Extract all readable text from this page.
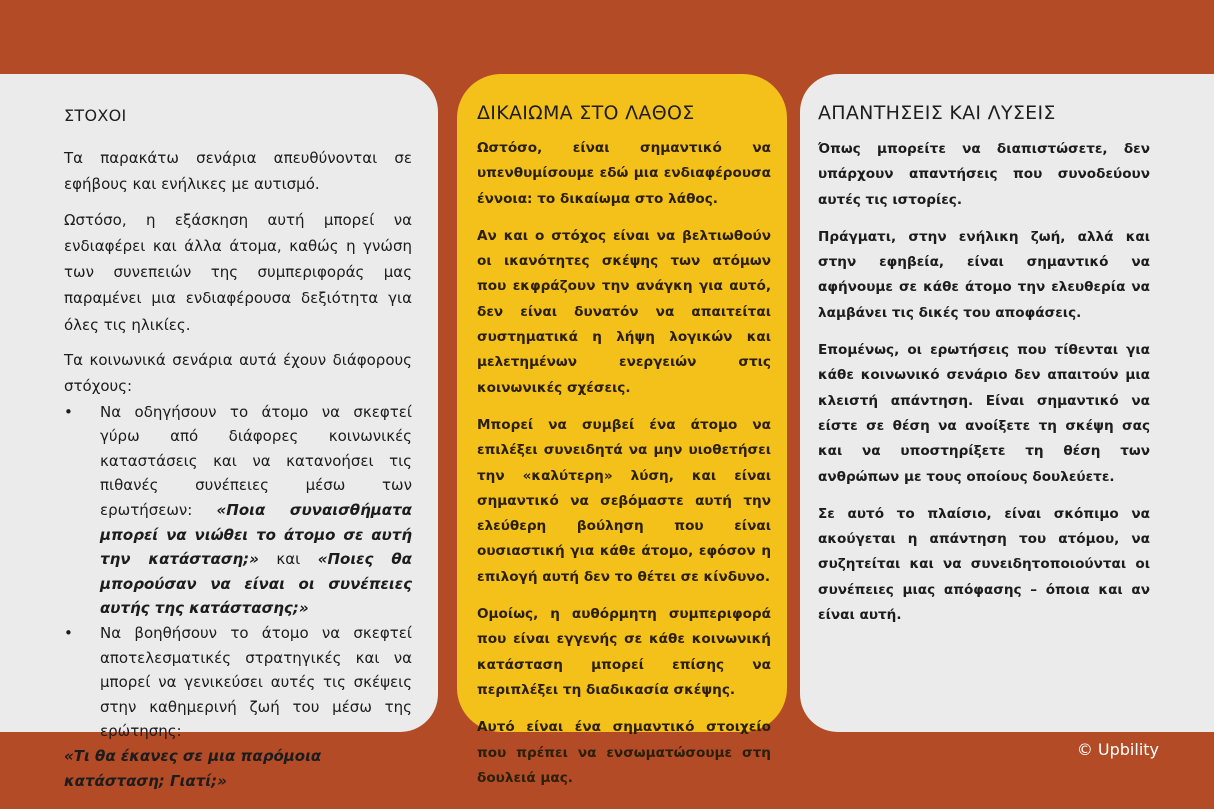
ΣΤΟΧΟΙ

Τα παρακάτω σενάρια απευθύνονται σε εφήβους και ενήλικες με αυτισμό.

Ωστόσο, η εξάσκηση αυτή μπορεί να ενδιαφέρει και άλλα άτομα, καθώς η γνώση των συνεπειών της συμπεριφοράς μας παραμένει μια ενδιαφέρουσα δεξιότητα για όλες τις ηλικίες.

Τα κοινωνικά σενάρια αυτά έχουν διάφορους στόχους:

• Να οδηγήσουν το άτομο να σκεφτεί γύρω από διάφορες κοινωνικές καταστάσεις και να κατανοήσει τις πιθανές συνέπειες μέσω των ερωτήσεων: «Ποια συναισθήματα μπορεί να νιώθει το άτομο σε αυτή την κατάσταση;» και «Ποιες θα μπορούσαν να είναι οι συνέπειες αυτής της κατάστασης;»
• Να βοηθήσουν το άτομο να σκεφτεί αποτελεσματικές στρατηγικές και να μπορεί να γενικεύσει αυτές τις σκέψεις στην καθημερινή ζωή του μέσω της ερώτησης:
«Τι θα έκανες σε μια παρόμοια κατάσταση; Γιατί;»
ΔΙΚΑΙΩΜΑ ΣΤΟ ΛΑΘΟΣ

Ωστόσο, είναι σημαντικό να υπενθυμίσουμε εδώ μια ενδιαφέρουσα έννοια: το δικαίωμα στο λάθος.

Αν και ο στόχος είναι να βελτιωθούν οι ικανότητες σκέψης των ατόμων που εκφράζουν την ανάγκη για αυτό, δεν είναι δυνατόν να απαιτείται συστηματικά η λήψη λογικών και μελετημένων ενεργειών στις κοινωνικές σχέσεις.

Μπορεί να συμβεί ένα άτομο να επιλέξει συνειδητά να μην υιοθετήσει την «καλύτερη» λύση, και είναι σημαντικό να σεβόμαστε αυτή την ελεύθερη βούληση που είναι ουσιαστική για κάθε άτομο, εφόσον η επιλογή αυτή δεν το θέτει σε κίνδυνο.

Ομοίως, η αυθόρμητη συμπεριφορά που είναι εγγενής σε κάθε κοινωνική κατάσταση μπορεί επίσης να περιπλέξει τη διαδικασία σκέψης.

Αυτό είναι ένα σημαντικό στοιχείο που πρέπει να ενσωματώσουμε στη δουλειά μας.

ΑΠΑΝΤΗΣΕΙΣ ΚΑΙ ΛΥΣΕΙΣ

Όπως μπορείτε να διαπιστώσετε, δεν υπάρχουν απαντήσεις που συνοδεύουν αυτές τις ιστορίες.

Πράγματι, στην ενήλικη ζωή, αλλά και στην εφηβεία, είναι σημαντικό να αφήνουμε σε κάθε άτομο την ελευθερία να λαμβάνει τις δικές του αποφάσεις.

Επομένως, οι ερωτήσεις που τίθενται για κάθε κοινωνικό σενάριο δεν απαιτούν μια κλειστή απάντηση. Είναι σημαντικό να είστε σε θέση να ανοίξετε τη σκέψη σας και να υποστηρίξετε τη θέση των ανθρώπων με τους οποίους δουλεύετε.

Σε αυτό το πλαίσιο, είναι σκόπιμο να ακούγεται η απάντηση του ατόμου, να συζητείται και να συνειδητοποιούνται οι συνέπειες μιας απόφασης – όποια και αν είναι αυτή.

© Upbility
